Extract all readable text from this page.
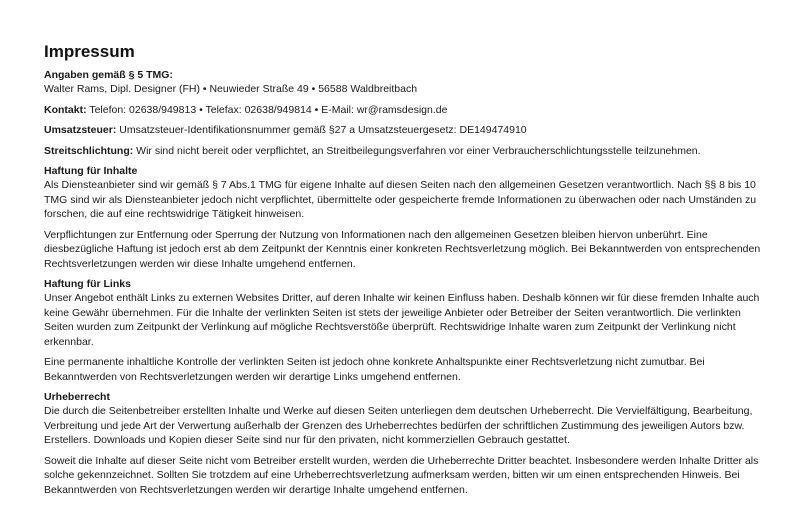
Impressum
Angaben gemäß § 5 TMG:

Walter Rams, Dipl. Designer (FH) • Neuwieder Straße 49 • 56588 Waldbreitbach

Kontakt: Telefon: 02638/949813 • Telefax: 02638/949814 • E-Mail: wr@ramsdesign.de

Umsatzsteuer: Umsatzsteuer-Identifikationsnummer gemäß §27 a Umsatzsteuergesetz: DE149474910

Streitschlichtung: Wir sind nicht bereit oder verpflichtet, an Streitbeilegungsverfahren vor einer Verbraucherschlichtungsstelle teilzunehmen.

Haftung für Inhalte

Als Diensteanbieter sind wir gemäß § 7 Abs.1 TMG für eigene Inhalte auf diesen Seiten nach den allgemeinen Gesetzen verantwortlich. Nach §§ 8 bis 10 TMG sind wir als Diensteanbieter jedoch nicht verpflichtet, übermittelte oder gespeicherte fremde Informationen zu überwachen oder nach Umständen zu forschen, die auf eine rechtswidrige Tätigkeit hinweisen.

Verpflichtungen zur Entfernung oder Sperrung der Nutzung von Informationen nach den allgemeinen Gesetzen bleiben hiervon unberührt. Eine diesbezügliche Haftung ist jedoch erst ab dem Zeitpunkt der Kenntnis einer konkreten Rechtsverletzung möglich. Bei Bekanntwerden von entsprechenden Rechtsverletzungen werden wir diese Inhalte umgehend entfernen.

Haftung für Links

Unser Angebot enthält Links zu externen Websites Dritter, auf deren Inhalte wir keinen Einfluss haben. Deshalb können wir für diese fremden Inhalte auch keine Gewähr übernehmen. Für die Inhalte der verlinkten Seiten ist stets der jeweilige Anbieter oder Betreiber der Seiten verantwortlich. Die verlinkten Seiten wurden zum Zeitpunkt der Verlinkung auf mögliche Rechtsverstöße überprüft. Rechtswidrige Inhalte waren zum Zeitpunkt der Verlinkung nicht erkennbar.

Eine permanente inhaltliche Kontrolle der verlinkten Seiten ist jedoch ohne konkrete Anhaltspunkte einer Rechtsverletzung nicht zumutbar. Bei Bekanntwerden von Rechtsverletzungen werden wir derartige Links umgehend entfernen.

Urheberrecht

Die durch die Seitenbetreiber erstellten Inhalte und Werke auf diesen Seiten unterliegen dem deutschen Urheberrecht. Die Vervielfältigung, Bearbeitung, Verbreitung und jede Art der Verwertung außerhalb der Grenzen des Urheberrechtes bedürfen der schriftlichen Zustimmung des jeweiligen Autors bzw. Erstellers. Downloads und Kopien dieser Seite sind nur für den privaten, nicht kommerziellen Gebrauch gestattet.

Soweit die Inhalte auf dieser Seite nicht vom Betreiber erstellt wurden, werden die Urheberrechte Dritter beachtet. Insbesondere werden Inhalte Dritter als solche gekennzeichnet. Sollten Sie trotzdem auf eine Urheberrechtsverletzung aufmerksam werden, bitten wir um einen entsprechenden Hinweis. Bei Bekanntwerden von Rechtsverletzungen werden wir derartige Inhalte umgehend entfernen.
